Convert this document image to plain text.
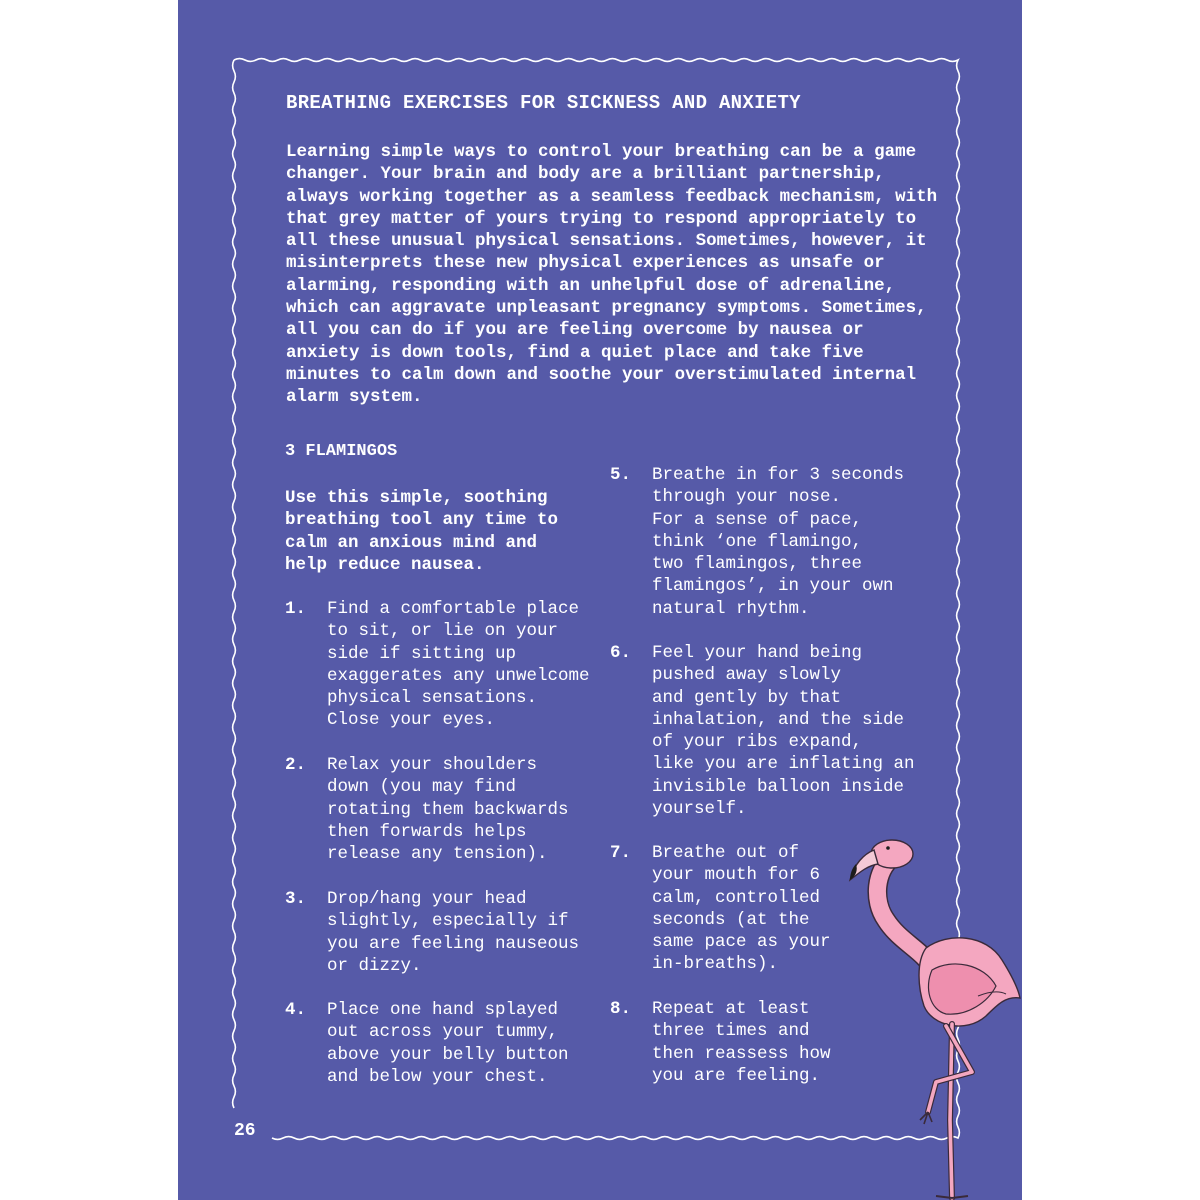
BREATHING EXERCISES FOR SICKNESS AND ANXIETY

Learning simple ways to control your breathing can be a game changer. Your brain and body are a brilliant partnership, always working together as a seamless feedback mechanism, with that grey matter of yours trying to respond appropriately to all these unusual physical sensations. Sometimes, however, it misinterprets these new physical experiences as unsafe or alarming, responding with an unhelpful dose of adrenaline, which can aggravate unpleasant pregnancy symptoms. Sometimes, all you can do if you are feeling overcome by nausea or anxiety is down tools, find a quiet place and take five minutes to calm down and soothe your overstimulated internal alarm system.

3 FLAMINGOS

Use this simple, soothing breathing tool any time to calm an anxious mind and help reduce nausea.

1. Find a comfortable place
to sit, or lie on your
side if sitting up
exaggerates any unwelcome
physical sensations.
Close your eyes.
2. Relax your shoulders
down (you may find
rotating them backwards
then forwards helps
release any tension).
3. Drop/hang your head
slightly, especially if
you are feeling nauseous
or dizzy.
4. Place one hand splayed
out across your tummy,
above your belly button
and below your chest.
5. Breathe in for 3 seconds
through your nose.
For a sense of pace,
think ‘one flamingo,
two flamingos, three
flamingos’, in your own
natural rhythm.
6. Feel your hand being
pushed away slowly
and gently by that
inhalation, and the side
of your ribs expand,
like you are inflating an
invisible balloon inside
yourself.
7. Breathe out of
your mouth for 6
calm, controlled
seconds (at the
same pace as your
in-breaths).
8. Repeat at least
three times and
then reassess how
you are feeling.
26
